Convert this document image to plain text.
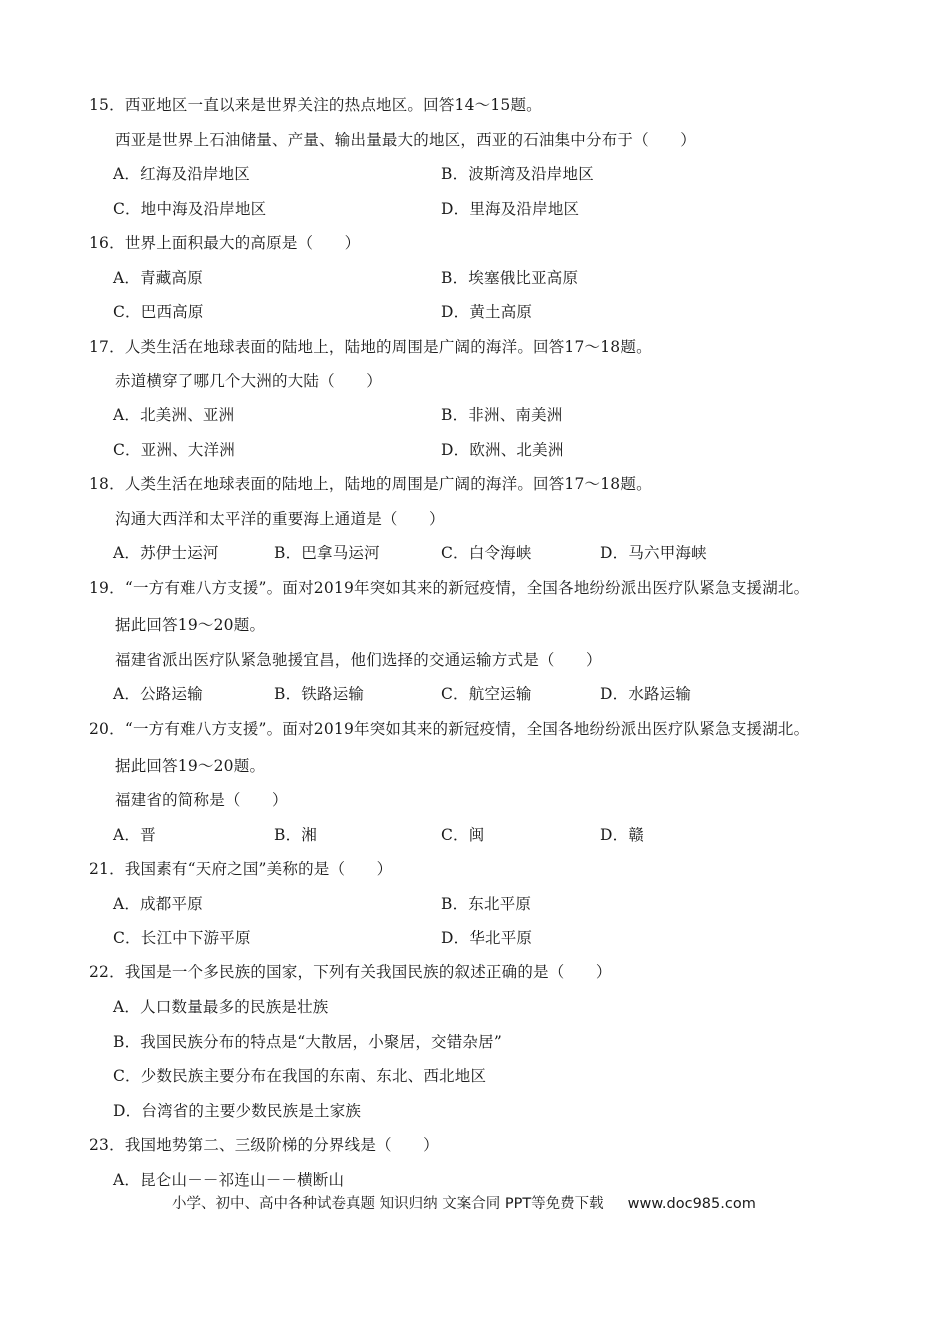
15．西亚地区一直以来是世界关注的热点地区。回答14～15题。
西亚是世界上石油储量、产量、输出量最大的地区，西亚的石油集中分布于（　　）
A．红海及沿岸地区	B．波斯湾及沿岸地区
C．地中海及沿岸地区	D．里海及沿岸地区
16．世界上面积最大的高原是（　　）
A．青藏高原	B．埃塞俄比亚高原
C．巴西高原	D．黄土高原
17．人类生活在地球表面的陆地上，陆地的周围是广阔的海洋。回答17～18题。
赤道横穿了哪几个大洲的大陆（　　）
A．北美洲、亚洲	B．非洲、南美洲
C．亚洲、大洋洲	D．欧洲、北美洲
18．人类生活在地球表面的陆地上，陆地的周围是广阔的海洋。回答17～18题。
沟通大西洋和太平洋的重要海上通道是（　　）
A．苏伊士运河	B．巴拿马运河	C．白令海峡	D．马六甲海峡
19．“一方有难八方支援”。面对2019年突如其来的新冠疫情，全国各地纷纷派出医疗队紧急支援湖北。
据此回答19～20题。
福建省派出医疗队紧急驰援宜昌，他们选择的交通运输方式是（　　）
A．公路运输	B．铁路运输	C．航空运输	D．水路运输
20．“一方有难八方支援”。面对2019年突如其来的新冠疫情，全国各地纷纷派出医疗队紧急支援湖北。
据此回答19～20题。
福建省的简称是（　　）
A．晋	B．湘	C．闽	D．赣
21．我国素有“天府之国”美称的是（　　）
A．成都平原	B．东北平原
C．长江中下游平原	D．华北平原
22．我国是一个多民族的国家，下列有关我国民族的叙述正确的是（　　）
A．人口数量最多的民族是壮族
B．我国民族分布的特点是“大散居，小聚居，交错杂居”
C．少数民族主要分布在我国的东南、东北、西北地区
D．台湾省的主要少数民族是土家族
23．我国地势第二、三级阶梯的分界线是（　　）
A．昆仑山－－祁连山－－横断山
小学、初中、高中各种试卷真题 知识归纳 文案合同 PPT等免费下载 www.doc985.com
